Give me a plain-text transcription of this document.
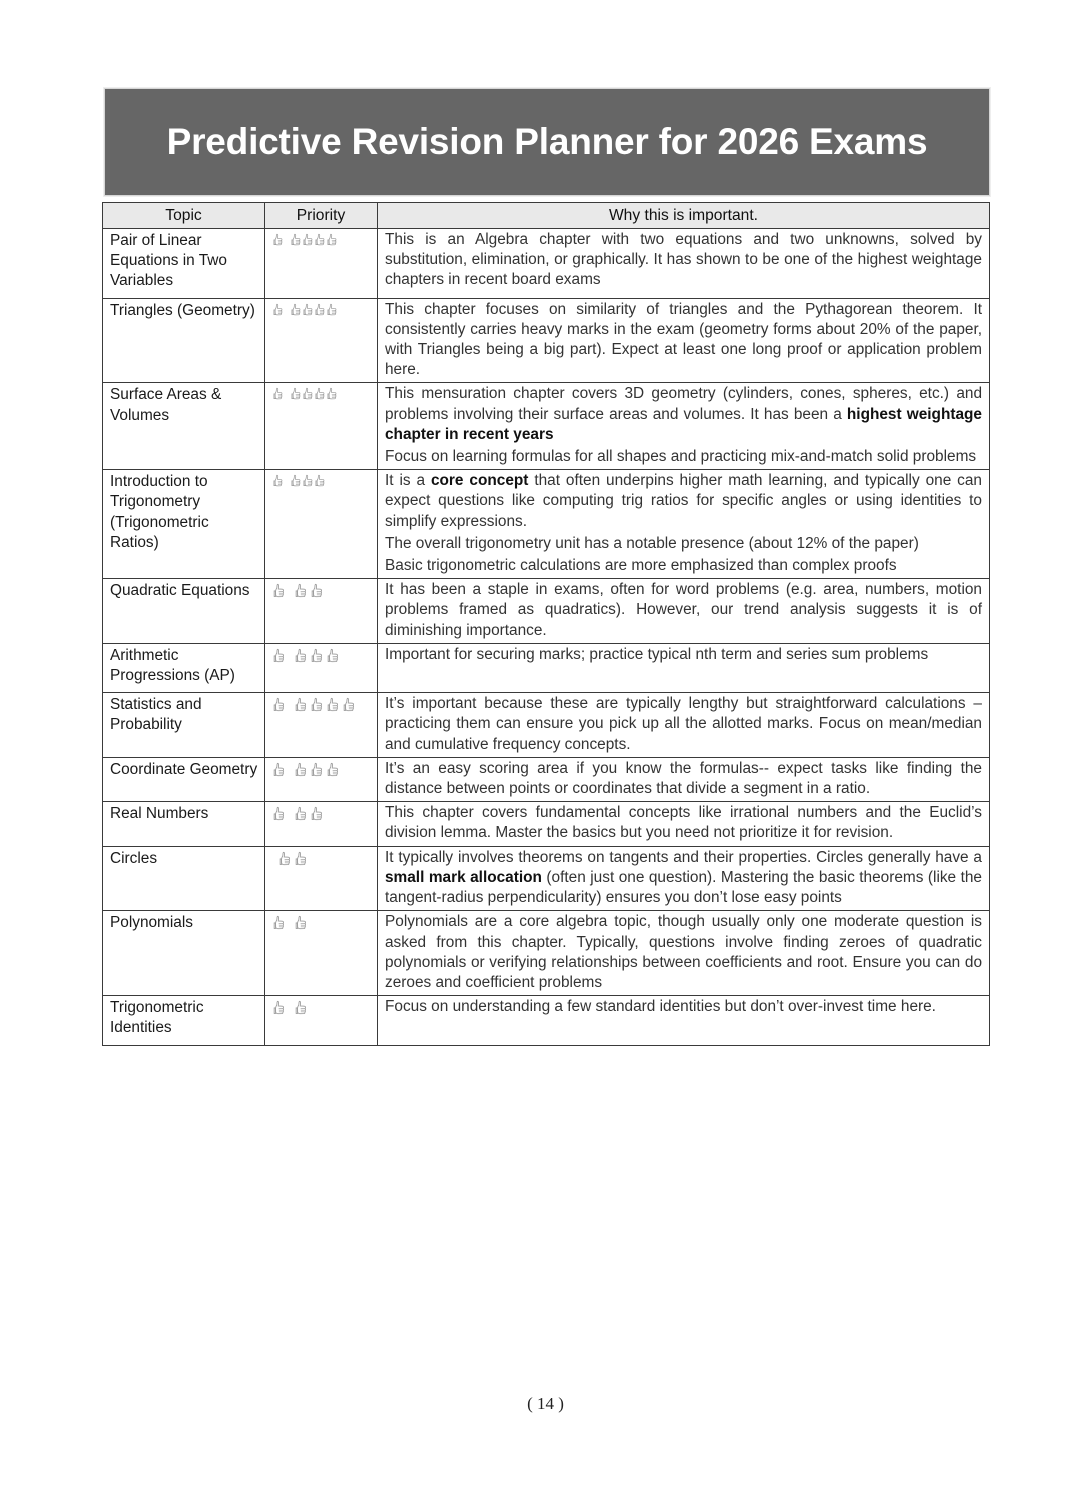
Predictive Revision Planner for 2026 Exams
Topic	Priority	Why this is important.
Pair of Linear Equations in Two Variables		This is an Algebra chapter with two equations and two unknowns, solved by substitution, elimination, or graphically. It has shown to be one of the highest weightage chapters in recent board exams

Triangles (Geometry)		This chapter focuses on similarity of triangles and the Pythagorean theorem. It consistently carries heavy marks in the exam (geometry forms about 20% of the paper, with Triangles being a big part). Expect at least one long proof or application problem here.

Surface Areas & Volumes		This mensuration chapter covers 3D geometry (cylinders, cones, spheres, etc.) and problems involving their surface areas and volumes. It has been a highest weightage chapter in recent years

Focus on learning formulas for all shapes and practicing mix-and-match solid problems

Introduction to Trigonometry (Trigonometric Ratios)		It is a core concept that often underpins higher math learning, and typically one can expect questions like computing trig ratios for specific angles or using identities to simplify expressions.

The overall trigonometry unit has a notable presence (about 12% of the paper)

Basic trigonometric calculations are more emphasized than complex proofs

Quadratic Equations		It has been a staple in exams, often for word problems (e.g. area, numbers, motion problems framed as quadratics). However, our trend analysis suggests it is of diminishing importance.

Arithmetic Progressions (AP)		Important for securing marks; practice typical nth term and series sum problems

Statistics and Probability		It’s important because these are typically lengthy but straightforward calculations – practicing them can ensure you pick up all the allotted marks. Focus on mean/median and cumulative frequency concepts.

Coordinate Geometry		It’s an easy scoring area if you know the formulas-- expect tasks like finding the distance between points or coordinates that divide a segment in a ratio.

Real Numbers		This chapter covers fundamental concepts like irrational numbers and the Euclid’s division lemma. Master the basics but you need not prioritize it for revision.

Circles		It typically involves theorems on tangents and their properties. Circles generally have a small mark allocation (often just one question). Mastering the basic theorems (like the tangent-radius perpendicularity) ensures you don’t lose easy points

Polynomials		Polynomials are a core algebra topic, though usually only one moderate question is asked from this chapter. Typically, questions involve finding zeroes of quadratic polynomials or verifying relationships between coefficients and root. Ensure you can do zeroes and coefficient problems

Trigonometric Identities		Focus on understanding a few standard identities but don’t over-invest time here.

( 14 )
